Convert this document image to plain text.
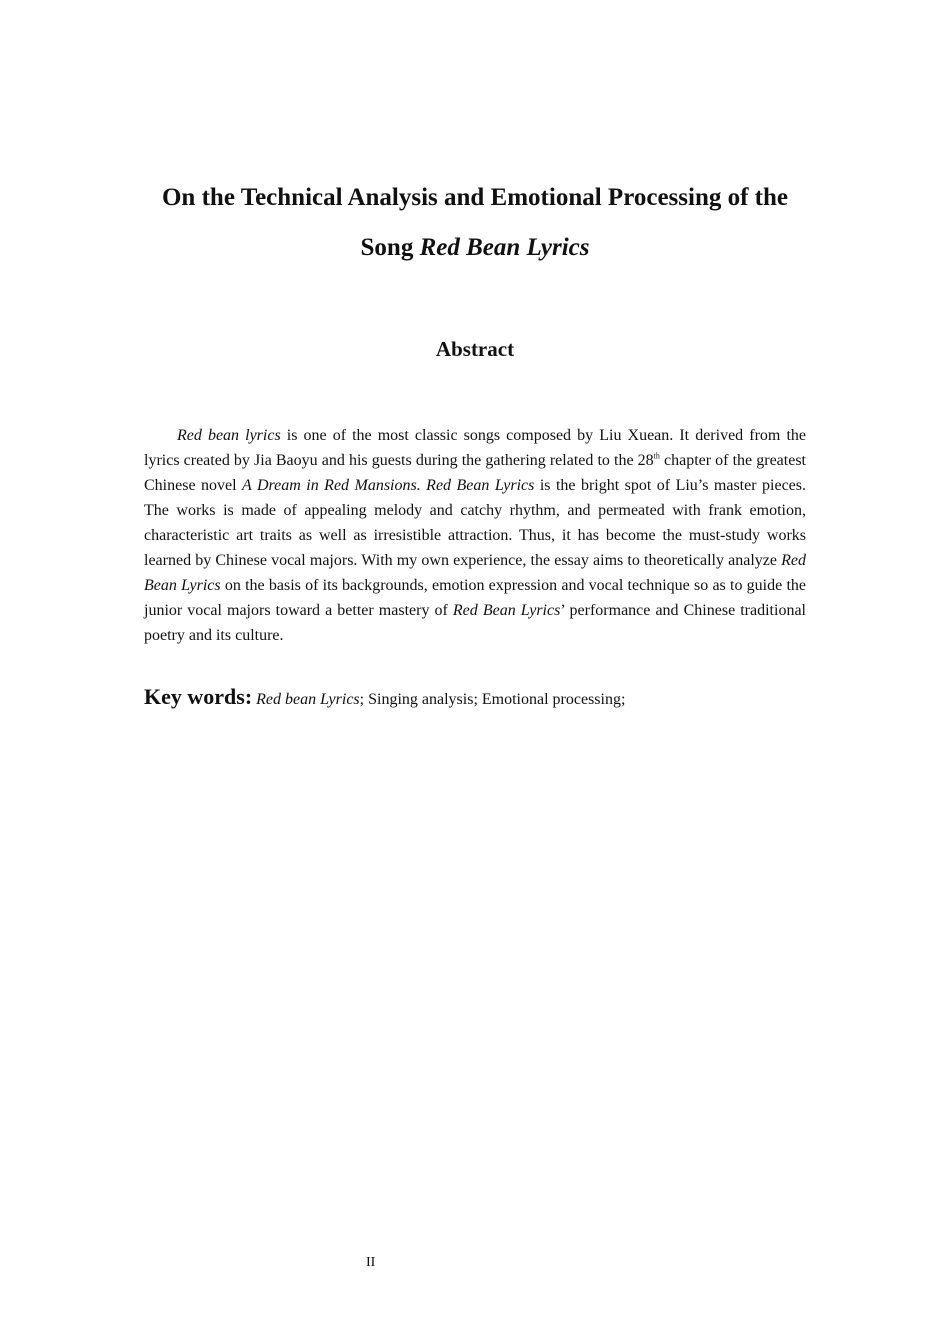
On the Technical Analysis and Emotional Processing of the
Song Red Bean Lyrics
Abstract

Red bean lyrics is one of the most classic songs composed by Liu Xuean. It derived from the lyrics created by Jia Baoyu and his guests during the gathering related to the 28th chapter of the greatest Chinese novel A Dream in Red Mansions. Red Bean Lyrics is the bright spot of Liu’s master pieces. The works is made of appealing melody and catchy rhythm, and permeated with frank emotion, characteristic art traits as well as irresistible attraction. Thus, it has become the must-study works learned by Chinese vocal majors. With my own experience, the essay aims to theoretically analyze Red Bean Lyrics on the basis of its backgrounds, emotion expression and vocal technique so as to guide the junior vocal majors toward a better mastery of Red Bean Lyrics’ performance and Chinese traditional poetry and its culture.

Key words: Red bean Lyrics; Singing analysis; Emotional processing;

II
